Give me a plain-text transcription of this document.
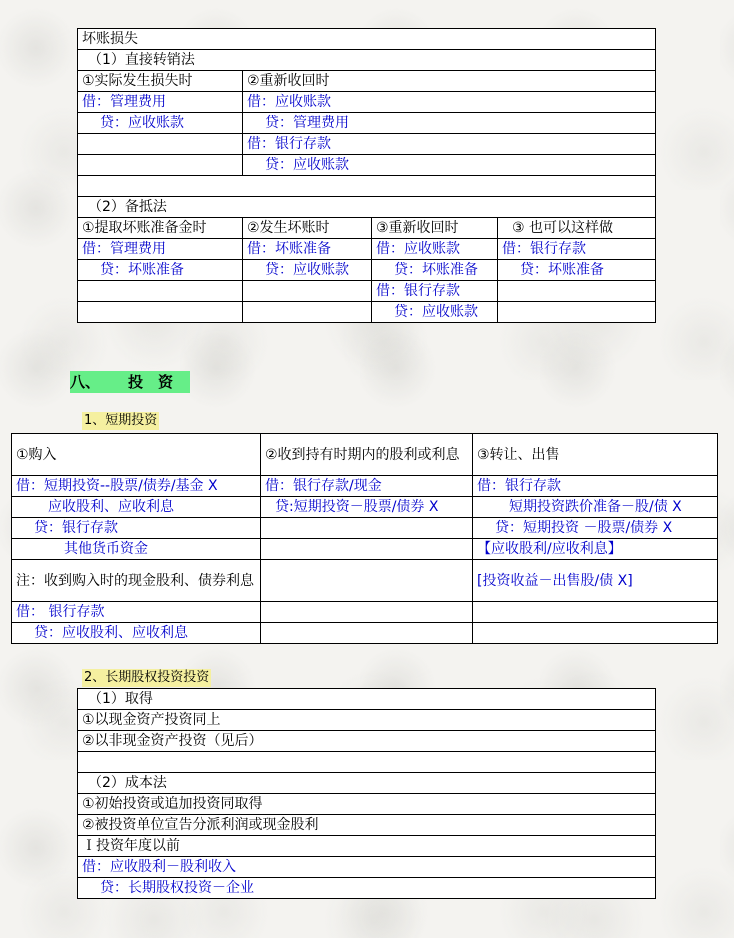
坏账损失			
（1）直接转销法			
①实际发生损失时	②重新收回时		
借：管理费用	借：应收账款		
贷：应收账款	贷：管理费用		
	借：银行存款		
	贷：应收账款		

（2）备抵法			
①提取坏账准备金时	②发生坏账时	③重新收回时	③ 也可以这样做
借：管理费用	借：坏账准备	借：应收账款	借：银行存款
贷：坏账准备	贷：应收账款	贷：坏账准备	贷：坏账准备
		借：银行存款	
		贷：应收账款	
八、 投　资
1、短期投资
①购入	②收到持有时期内的股利或利息	③转让、出售
借：短期投资--股票/债券/基金 X	借：银行存款/现金	借：银行存款
应收股利、应收利息	贷:短期投资－股票/债券 X	短期投资跌价准备－股/债 X
贷：银行存款		贷：短期投资 －股票/债券 X
其他货币资金		【应收股利/应收利息】
注：收到购入时的现金股利、债券利息		[投资收益－出售股/债 X]
借： 银行存款		
贷：应收股利、应收利息		
2、长期股权投资投资
（1）取得
①以现金资产投资同上
②以非现金资产投资（见后）

（2）成本法
①初始投资或追加投资同取得
②被投资单位宣告分派利润或现金股利
Ｉ投资年度以前
借：应收股利－股利收入
贷：长期股权投资－企业
